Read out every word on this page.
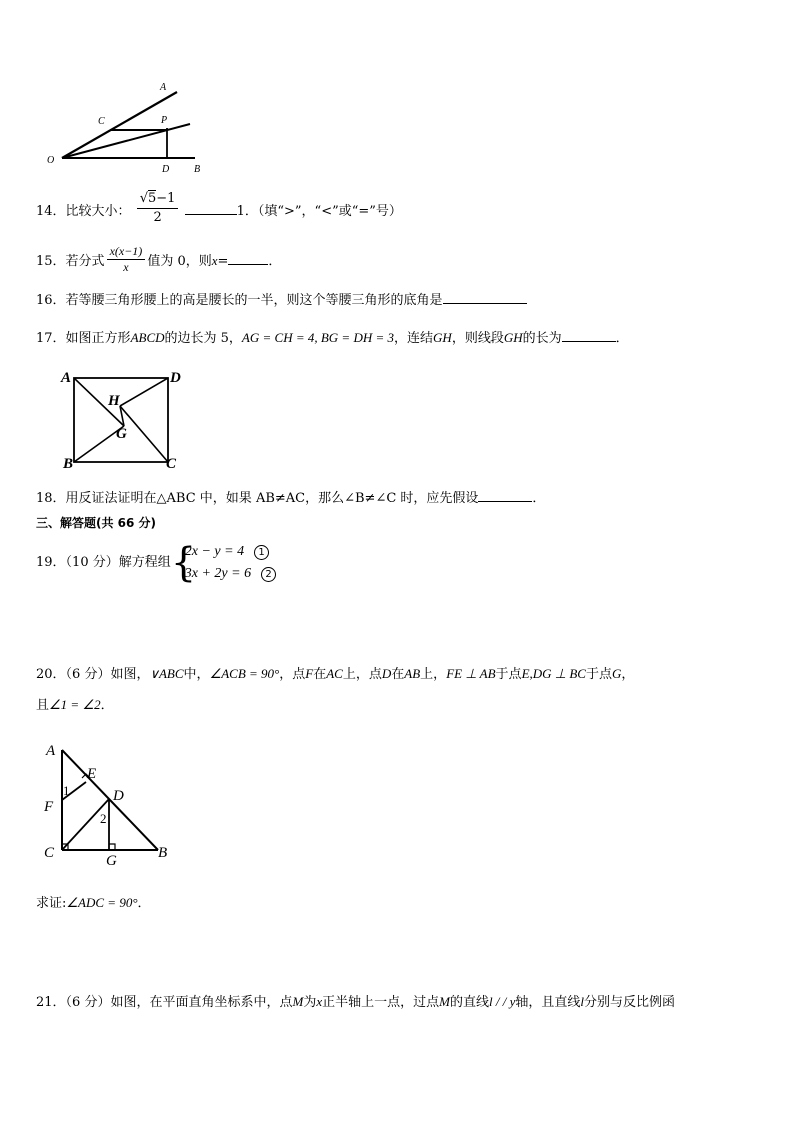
A
C	P
O
D B
14．比较大小： $\frac{√5-1}{2}$	1．（填“>”，“<”或“=”号）
15．若分式 $\frac{x(x-1)}{x}$ 值为 0，则x=	．
16．若等腰三角形腰上的高是腰长的一半，则这个等腰三角形的底角是
17．如图正方形ABCD的边长为 5，AG = CH = 4, BG = DH = 3，连结GH，则线段GH的长为	．
A	D
H
G
B	C
18．用反证法证明在△ABC 中，如果 AB≠AC，那么∠B≠∠C 时，应先假设	．
三、解答题(共 66 分)
19．（10 分）解方程组 {
2x − y = 4 1
3x + 2y = 6 2
20．（6 分）如图，∨ABC中，∠ACB = 90°，点F在AC上，点D在AB上，FE ⊥ AB于点E,DG ⊥ BC于点G，
且∠1 = ∠2．
A
E
F
D
1
2
C	G	B
求证:∠ADC = 90°．
21．（6 分）如图，在平面直角坐标系中，点M为x正半轴上一点，过点M的直线l / / y轴，且直线l分别与反比例函
